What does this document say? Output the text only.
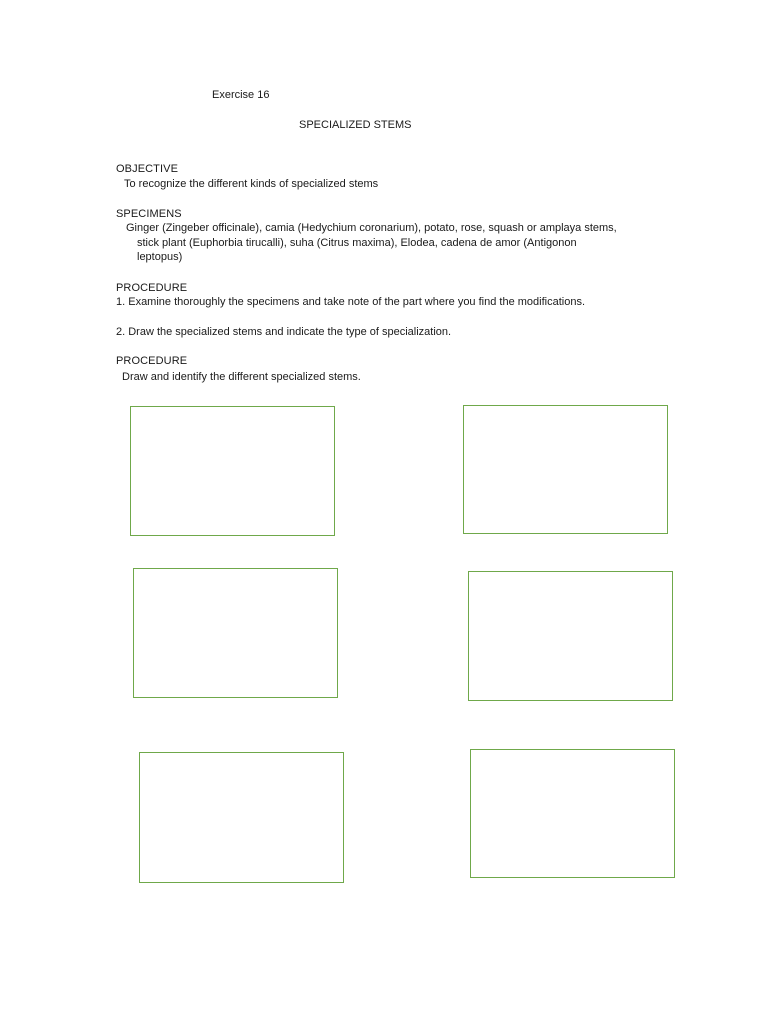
Exercise 16
SPECIALIZED STEMS
OBJECTIVE
To recognize the different kinds of specialized stems
SPECIMENS
Ginger (Zingeber officinale), camia (Hedychium coronarium), potato, rose, squash or amplaya stems,
stick plant (Euphorbia tirucalli), suha (Citrus maxima), Elodea, cadena de amor (Antigonon
leptopus)
PROCEDURE
1. Examine thoroughly the specimens and take note of the part where you find the modifications.
2. Draw the specialized stems and indicate the type of specialization.
PROCEDURE
Draw and identify the different specialized stems.
